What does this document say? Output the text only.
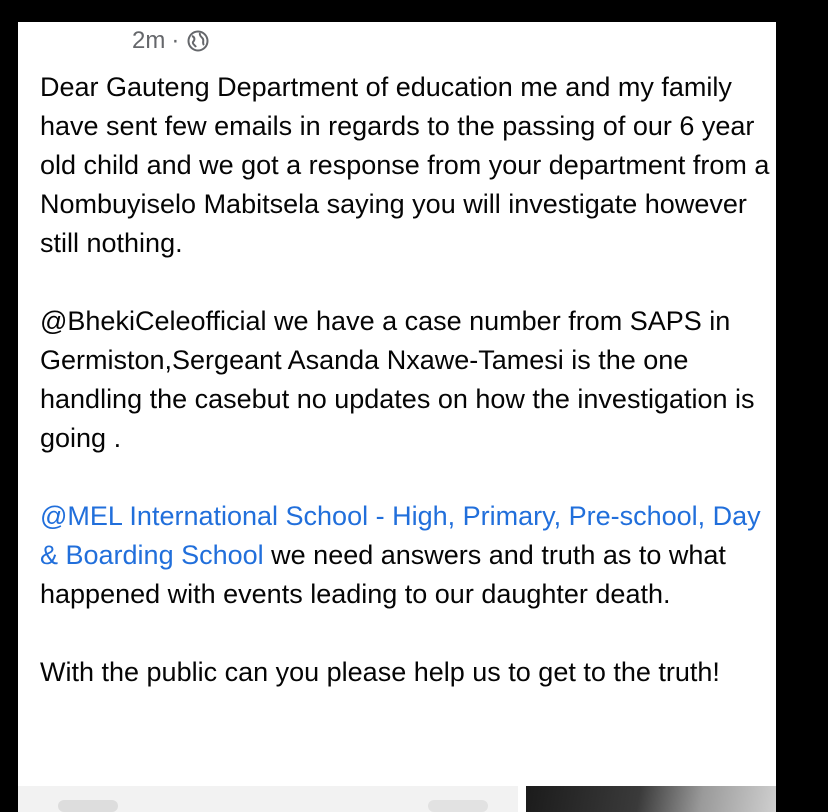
2m ·

Dear Gauteng Department of education me and my family have sent few emails in regards to the passing of our 6 year old child and we got a response from your department from a Nombuyiselo Mabitsela saying you will investigate however still nothing.

@BhekiCeleofficial we have a case number from SAPS in Germiston,Sergeant Asanda Nxawe-Tamesi is the one handling the casebut no updates on how the investigation is going .

@MEL International School - High, Primary, Pre-school, Day & Boarding School we need answers and truth as to what happened with events leading to our daughter death.

With the public can you please help us to get to the truth!
